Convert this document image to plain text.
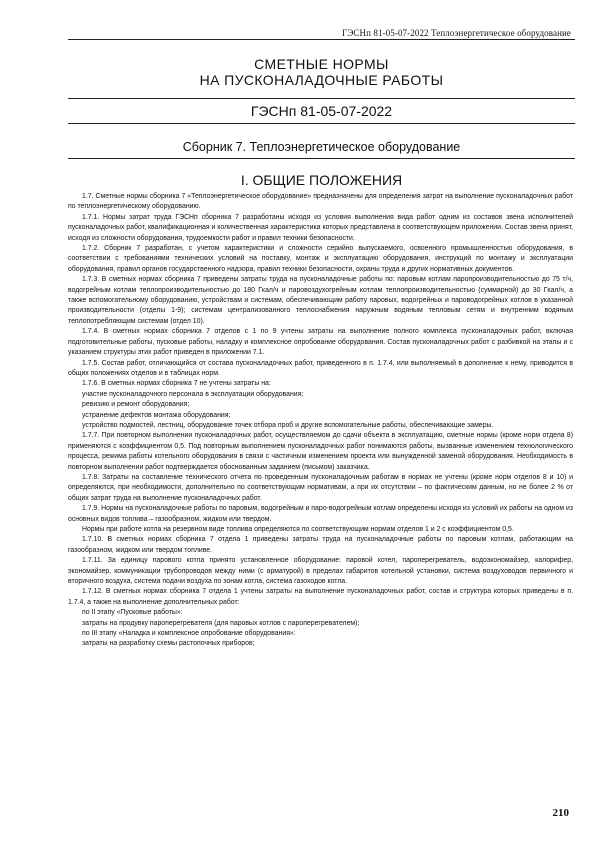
ГЭСНп 81-05-07-2022 Теплоэнергетическое оборудование
СМЕТНЫЕ НОРМЫ
НА ПУСКОНАЛАДОЧНЫЕ РАБОТЫ
ГЭСНп 81-05-07-2022
Сборник 7. Теплоэнергетическое оборудование
I. ОБЩИЕ ПОЛОЖЕНИЯ

1.7. Сметные нормы сборника 7 «Теплоэнергетическое оборудование» предназначены для определения затрат на выполнение пусконаладочных работ по теплоэнергетическому оборудованию.

1.7.1. Нормы затрат труда ГЭСНп сборника 7 разработаны исходя из условия выполнения вида работ одним из составов звена исполнителей пусконаладочных работ, квалификационная и количественная характеристика которых представлена в соответствующем приложении. Состав звена принят, исходя из сложности оборудования, трудоемкости работ и правил техники безопасности.

1.7.2. Сборник 7 разработан, с учетом характеристики и сложности серийно выпускаемого, освоенного промышленностью оборудования, в соответствии с требованиями технических условий на поставку, монтаж и эксплуатацию оборудования, инструкций по монтажу и эксплуатации оборудования, правил органов государственного надзора, правил техники безопасности, охраны труда и других нормативных документов.

1.7.3. В сметных нормах сборника 7 приведены затраты труда на пусконаладочные работы по: паровым котлам паропроизводительностью до 75 т/ч, водогрейным котлам теплопроизводительностью до 180 Гкал/ч и паровоздухогрейным котлам теплопроизводительностью (суммарной) до 30 Гкал/ч, а также вспомогательному оборудованию, устройствам и системам, обеспечивающим работу паровых, водогрейных и пароводогрейных котлов в указанной производительности (отделы 1-9); системам централизованного теплоснабжения наружным водяным тепловым сетям и внутренним водяным теплопотребляющим системам (отдел 10).

1.7.4. В сметных нормах сборника 7 отделов с 1 по 9 учтены затраты на выполнение полного комплекса пусконаладочных работ, включая подготовительные работы, пусковые работы, наладку и комплексное опробование оборудования. Состав пусконаладочных работ с разбивкой на этапы и с указанием структуры этих работ приведен в приложении 7.1.

1.7.5. Состав работ, отличающийся от состава пусконаладочных работ, приведенного в п. 1.7.4, или выполняемый в дополнение к нему, приводится в общих положениях отделов и в таблицах норм.

1.7.6. В сметных нормах сборника 7 не учтены затраты на:

участие пусконаладочного персонала в эксплуатации оборудования;

ревизию и ремонт оборудования;

устранение дефектов монтажа оборудования;

устройство подмостей, лестниц, оборудование точек отбора проб и другие вспомогательные работы, обеспечивающие замеры.

1.7.7. При повторном выполнении пусконаладочных работ, осуществляемом до сдачи объекта в эксплуатацию, сметные нормы (кроме норм отдела 8) применяются с коэффициентом 0,5. Под повторным выполнением пусконаладочных работ понимаются работы, вызванные изменением технологического процесса, режима работы котельного оборудования в связи с частичным изменением проекта или вынужденной заменой оборудования. Необходимость в повторном выполнении работ подтверждается обоснованным заданием (письмом) заказчика.

1.7.8. Затраты на составление технического отчета по проведенным пусконаладочным работам в нормах не учтены (кроме норм отделов 8 и 10) и определяются, при необходимости, дополнительно по соответствующим нормативам, а при их отсутствии – по фактическим данным, но не более 2 % от общих затрат труда на выполнение пусконаладочных работ.

1.7.9. Нормы на пусконаладочные работы по паровым, водогрейным и паро-водогрейным котлам определены исходя из условий их работы на одном из основных видов топлива – газообразном, жидком или твердом.

Нормы при работе котла на резервном виде топлива определяются по соответствующим нормам отделов 1 и 2 с коэффициентом 0,5.

1.7.10. В сметных нормах сборника 7 отдела 1 приведены затраты труда на пусконаладочные работы по паровым котлам, работающим на газообразном, жидком или твердом топливе.

1.7.11. За единицу парового котла принято установленное оборудование: паровой котел, пароперегреватель, водоэкономайзер, калорифер, экономайзер, коммуникации трубопроводов между ними (с арматурой) в пределах габаритов котельной установки, система воздуховодов первичного и вторичного воздуха, система подачи воздуха по зонам котла, система газоходов котла.

1.7.12. В сметных нормах сборника 7 отдела 1 учтены затраты на выполнение пусконаладочных работ, состав и структура которых приведены в п. 1.7.4, а также на выполнение дополнительных работ:

по II этапу «Пусковые работы»:

затраты на продувку пароперегревателя (для паровых котлов с пароперегревателем);

по III этапу «Наладка и комплексное опробование оборудования»:

затраты на разработку схемы растопочных приборов;

210
